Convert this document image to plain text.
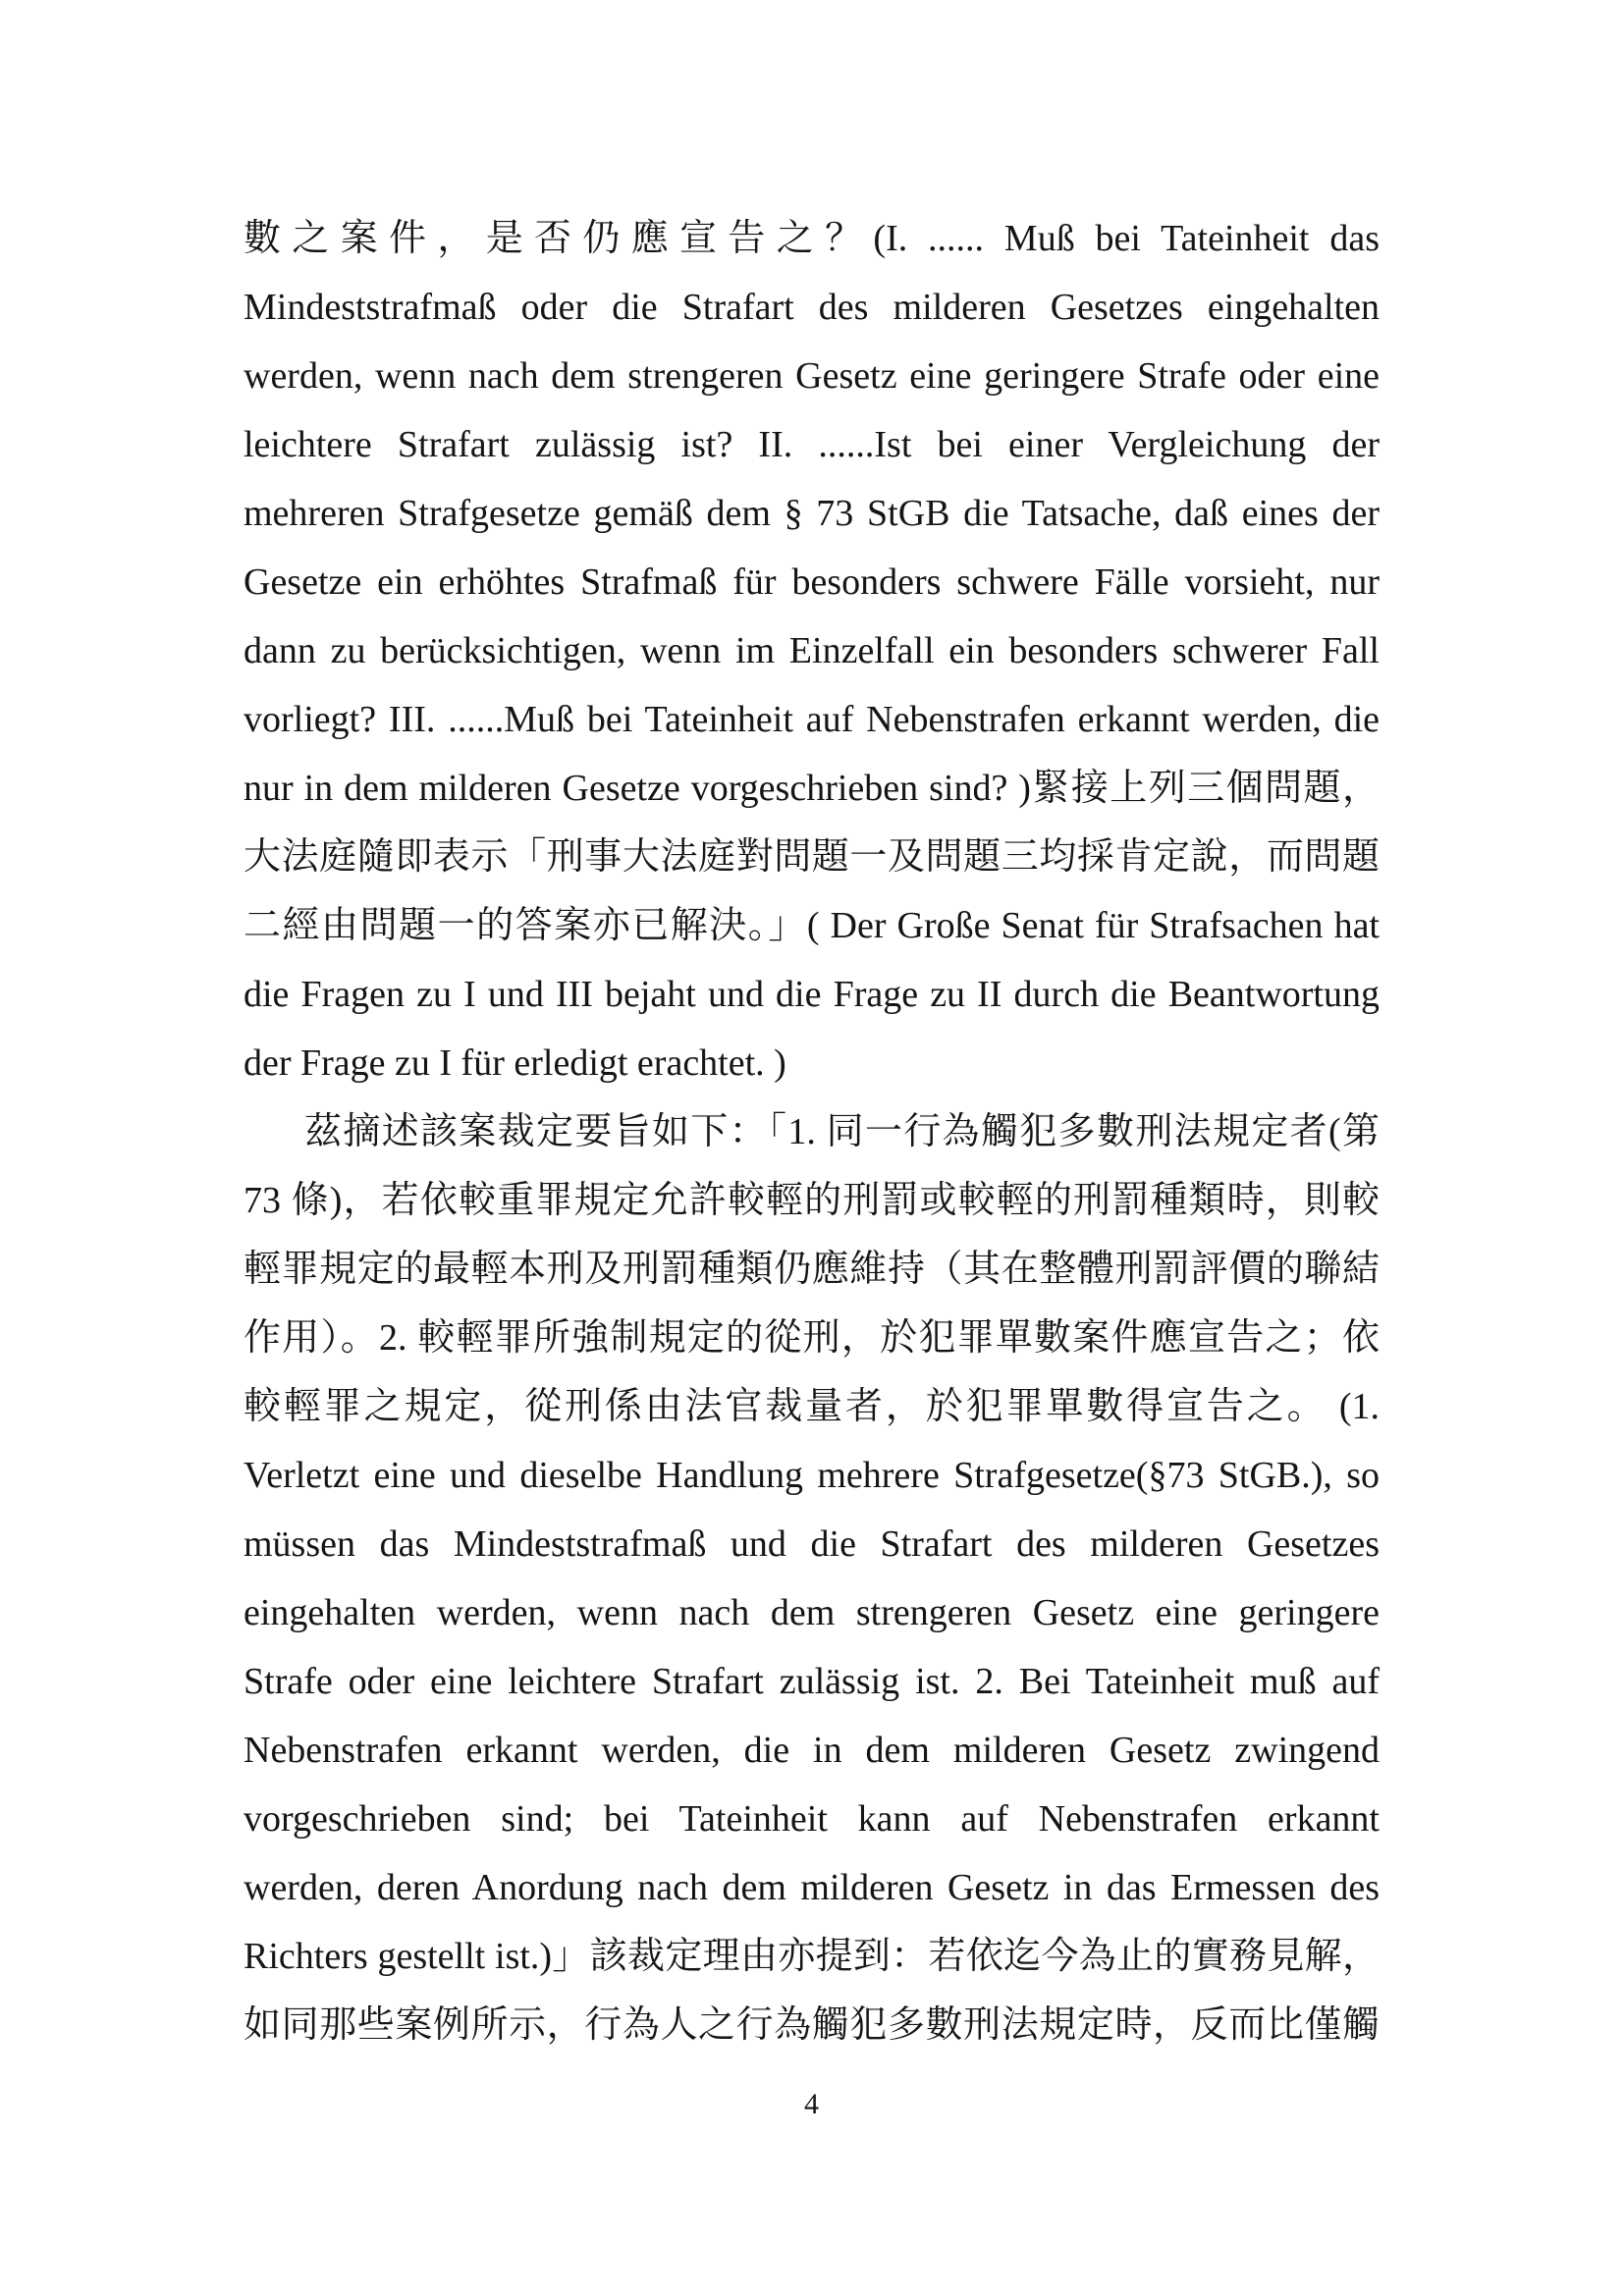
數之案件，是否仍應宣告之？(I. ...... Muß bei Tateinheit das
Mindeststrafmaß oder die Strafart des milderen Gesetzes eingehalten
werden, wenn nach dem strengeren Gesetz eine geringere Strafe oder eine
leichtere Strafart zulässig ist? II. ......Ist bei einer Vergleichung der
mehreren Strafgesetze gemäß dem § 73 StGB die Tatsache, daß eines der
Gesetze ein erhöhtes Strafmaß für besonders schwere Fälle vorsieht, nur
dann zu berücksichtigen, wenn im Einzelfall ein besonders schwerer Fall
vorliegt? III. ......Muß bei Tateinheit auf Nebenstrafen erkannt werden, die
nur in dem milderen Gesetze vorgeschrieben sind? )緊接上列三個問題，
大法庭隨即表示「刑事大法庭對問題一及問題三均採肯定說，而問題
二經由問題一的答案亦已解決。」( Der Große Senat für Strafsachen hat
die Fragen zu I und III bejaht und die Frage zu II durch die Beantwortung
der Frage zu I für erledigt erachtet. )
茲摘述該案裁定要旨如下：「1. 同一行為觸犯多數刑法規定者(第
73 條)，若依較重罪規定允許較輕的刑罰或較輕的刑罰種類時，則較
輕罪規定的最輕本刑及刑罰種類仍應維持（其在整體刑罰評價的聯結
作用）。2. 較輕罪所強制規定的從刑，於犯罪單數案件應宣告之；依
較輕罪之規定，從刑係由法官裁量者，於犯罪單數得宣告之。 (1.
Verletzt eine und dieselbe Handlung mehrere Strafgesetze(§73 StGB.), so
müssen das Mindeststrafmaß und die Strafart des milderen Gesetzes
eingehalten werden, wenn nach dem strengeren Gesetz eine geringere
Strafe oder eine leichtere Strafart zulässig ist. 2. Bei Tateinheit muß auf
Nebenstrafen erkannt werden, die in dem milderen Gesetz zwingend
vorgeschrieben sind; bei Tateinheit kann auf Nebenstrafen erkannt
werden, deren Anordung nach dem milderen Gesetz in das Ermessen des
Richters gestellt ist.)」該裁定理由亦提到：若依迄今為止的實務見解，
如同那些案例所示，行為人之行為觸犯多數刑法規定時，反而比僅觸
4
